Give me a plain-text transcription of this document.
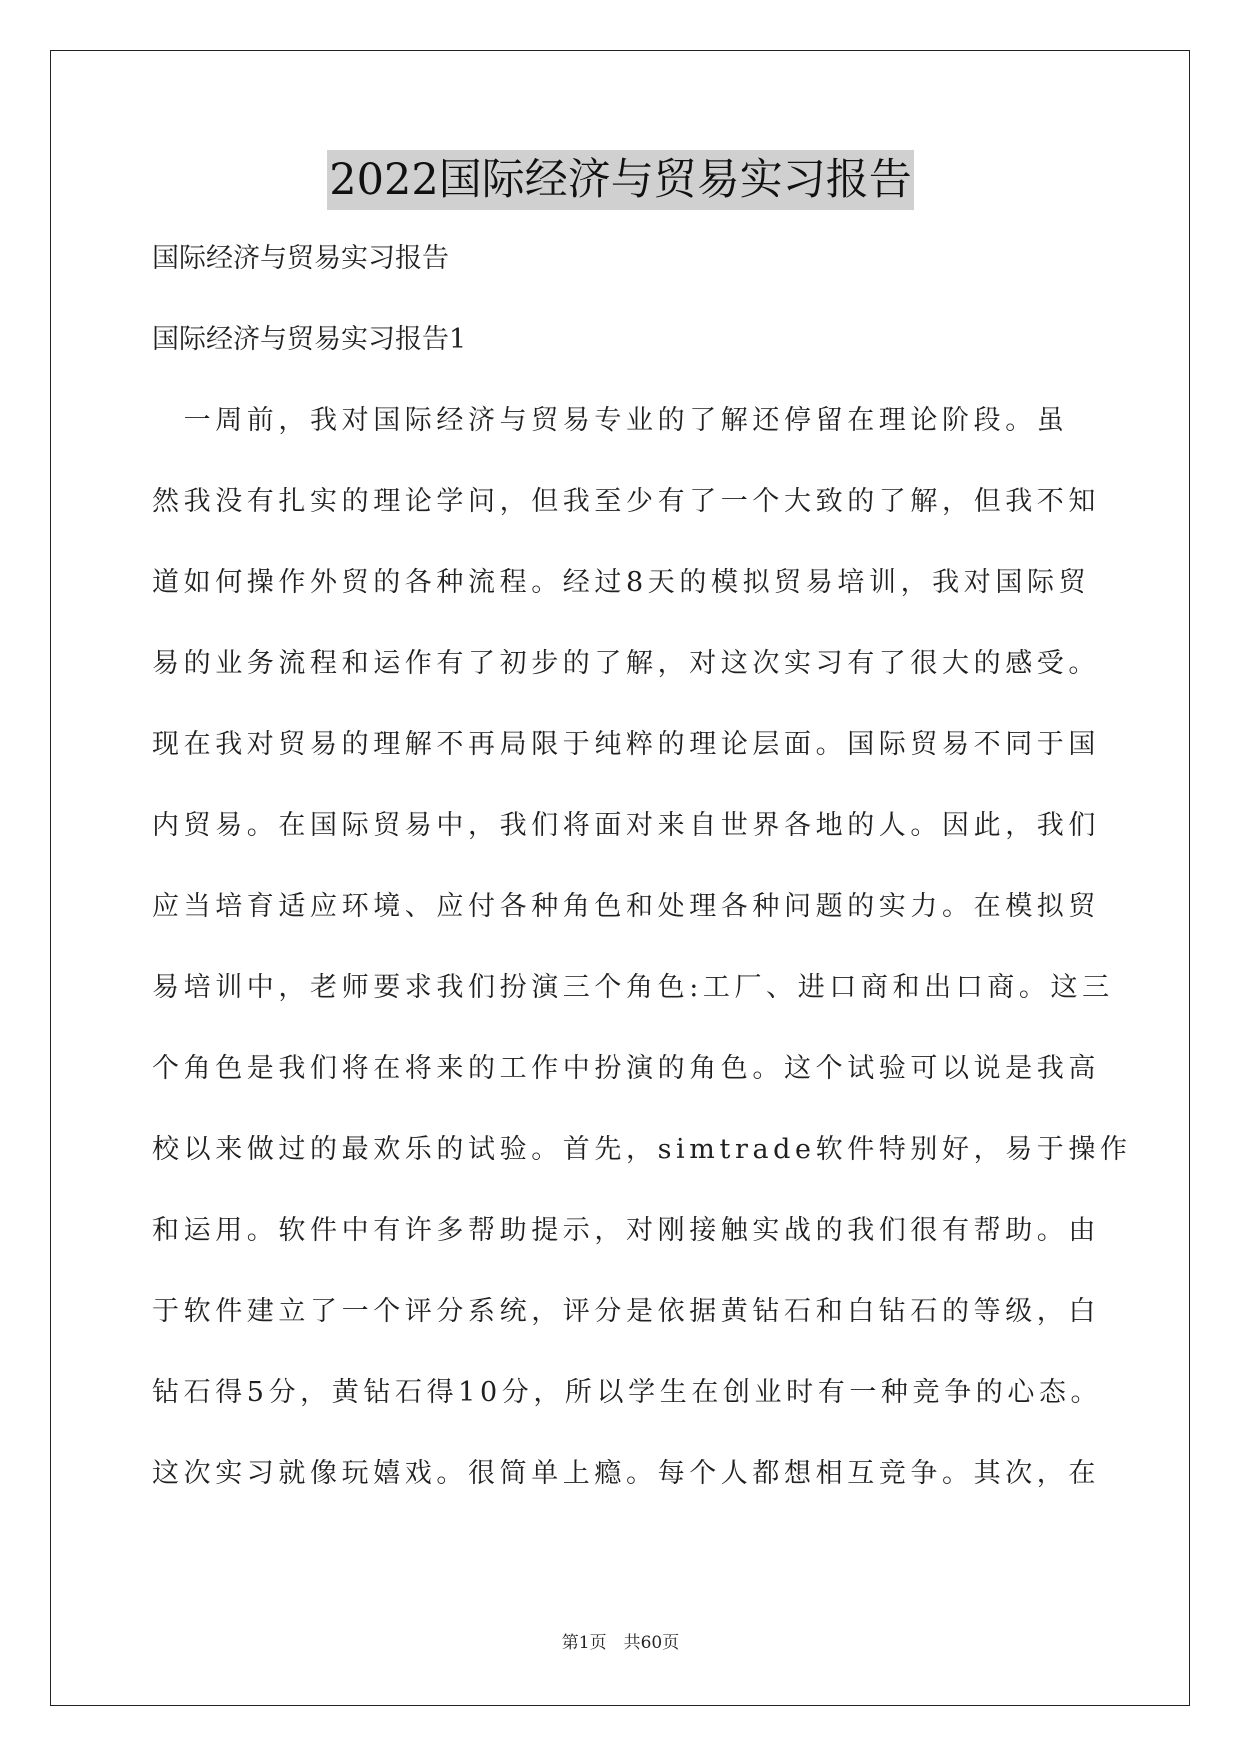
2022国际经济与贸易实习报告
国际经济与贸易实习报告
国际经济与贸易实习报告1
　一周前，我对国际经济与贸易专业的了解还停留在理论阶段。虽
然我没有扎实的理论学问，但我至少有了一个大致的了解，但我不知
道如何操作外贸的各种流程。经过8天的模拟贸易培训，我对国际贸
易的业务流程和运作有了初步的了解，对这次实习有了很大的感受。
现在我对贸易的理解不再局限于纯粹的理论层面。国际贸易不同于国
内贸易。在国际贸易中，我们将面对来自世界各地的人。因此，我们
应当培育适应环境、应付各种角色和处理各种问题的实力。在模拟贸
易培训中，老师要求我们扮演三个角色:工厂、进口商和出口商。这三
个角色是我们将在将来的工作中扮演的角色。这个试验可以说是我高
校以来做过的最欢乐的试验。首先，simtrade软件特别好，易于操作
和运用。软件中有许多帮助提示，对刚接触实战的我们很有帮助。由
于软件建立了一个评分系统，评分是依据黄钻石和白钻石的等级，白
钻石得5分，黄钻石得10分，所以学生在创业时有一种竞争的心态。
这次实习就像玩嬉戏。很简单上瘾。每个人都想相互竞争。其次，在
第1页　共60页
